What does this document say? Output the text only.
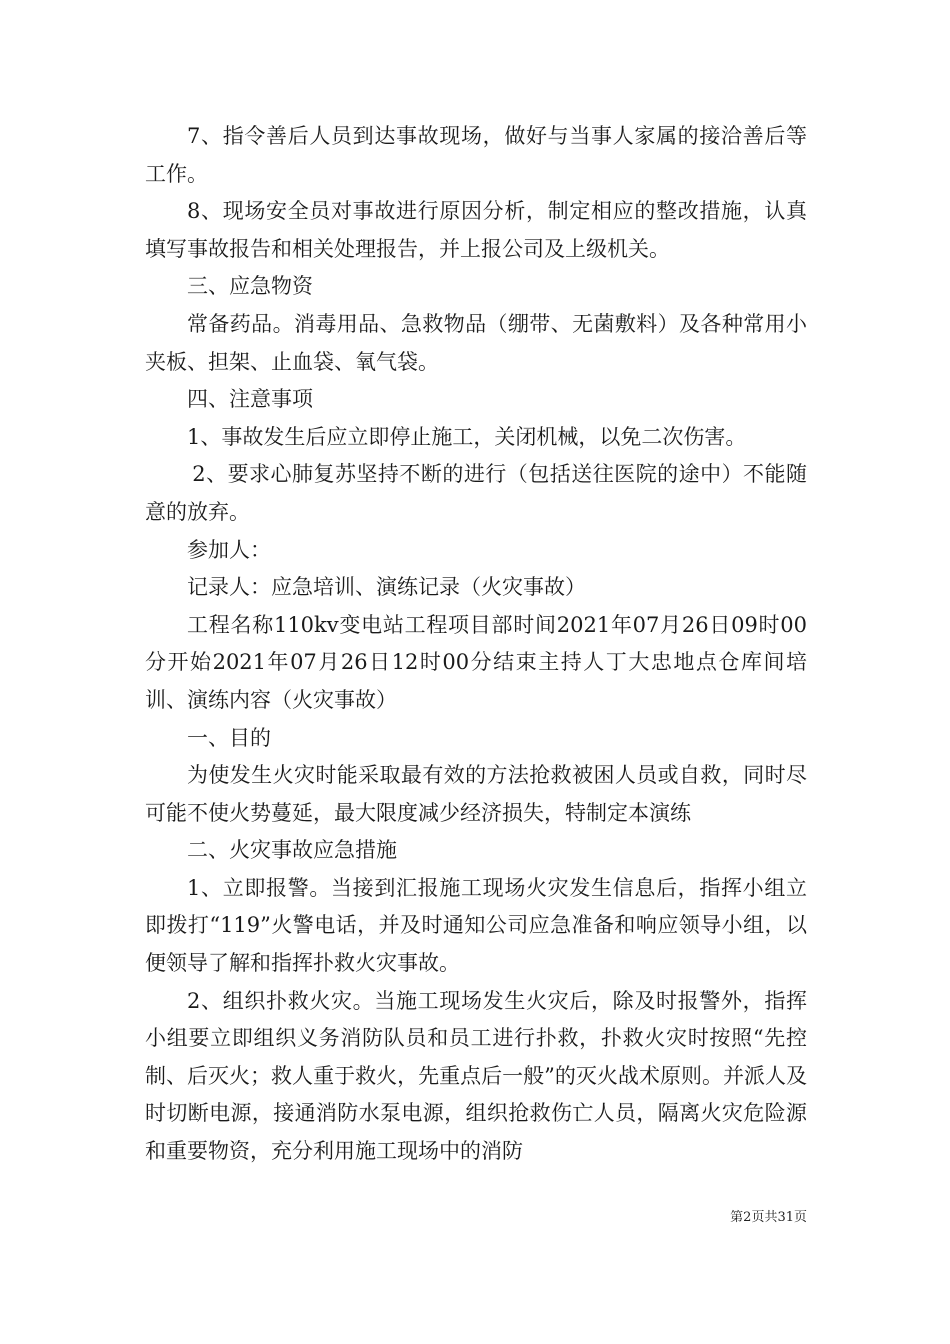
7、指令善后人员到达事故现场，做好与当事人家属的接洽善后等工作。

8、现场安全员对事故进行原因分析，制定相应的整改措施，认真填写事故报告和相关处理报告，并上报公司及上级机关。

三、应急物资

常备药品。消毒用品、急救物品（绷带、无菌敷料）及各种常用小夹板、担架、止血袋、氧气袋。

四、注意事项

1、事故发生后应立即停止施工，关闭机械，以免二次伤害。

2、要求心肺复苏坚持不断的进行（包括送往医院的途中）不能随意的放弃。

参加人：

记录人：应急培训、演练记录（火灾事故）

工程名称110kv变电站工程项目部时间2021年07月26日09时00分开始2021年07月26日12时00分结束主持人丁大忠地点仓库间培训、演练内容（火灾事故）

一、目的

为使发生火灾时能采取最有效的方法抢救被困人员或自救，同时尽可能不使火势蔓延，最大限度减少经济损失，特制定本演练

二、火灾事故应急措施

1、立即报警。当接到汇报施工现场火灾发生信息后，指挥小组立即拨打“119”火警电话，并及时通知公司应急准备和响应领导小组，以便领导了解和指挥扑救火灾事故。

2、组织扑救火灾。当施工现场发生火灾后，除及时报警外，指挥小组要立即组织义务消防队员和员工进行扑救，扑救火灾时按照“先控制、后灭火；救人重于救火，先重点后一般”的灭火战术原则。并派人及时切断电源，接通消防水泵电源，组织抢救伤亡人员，隔离火灾危险源和重要物资，充分利用施工现场中的消防

第2页共31页
